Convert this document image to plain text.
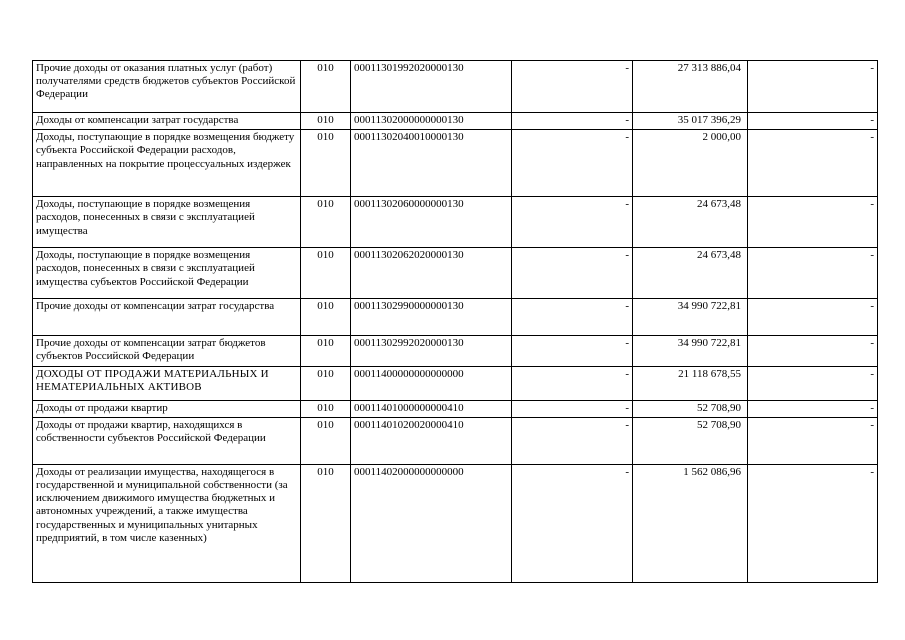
Прочие доходы от оказания платных услуг (работ) получателями средств бюджетов субъектов Российской Федерации	010	00011301992020000130	-	27 313 886,04	-
Доходы от компенсации затрат государства	010	00011302000000000130	-	35 017 396,29	-
Доходы, поступающие в порядке возмещения бюджету субъекта Российской Федерации расходов, направленных на покрытие процессуальных издержек	010	00011302040010000130	-	2 000,00	-
Доходы, поступающие в порядке возмещения расходов, понесенных в связи с эксплуатацией имущества	010	00011302060000000130	-	24 673,48	-
Доходы, поступающие в порядке возмещения расходов, понесенных в связи с эксплуатацией имущества субъектов Российской Федерации	010	00011302062020000130	-	24 673,48	-
Прочие доходы от компенсации затрат государства	010	00011302990000000130	-	34 990 722,81	-
Прочие доходы от компенсации затрат бюджетов субъектов Российской Федерации	010	00011302992020000130	-	34 990 722,81	-
ДОХОДЫ ОТ ПРОДАЖИ МАТЕРИАЛЬНЫХ И НЕМАТЕРИАЛЬНЫХ АКТИВОВ	010	00011400000000000000	-	21 118 678,55	-
Доходы от продажи квартир	010	00011401000000000410	-	52 708,90	-
Доходы от продажи квартир, находящихся в собственности субъектов Российской Федерации	010	00011401020020000410	-	52 708,90	-
Доходы от реализации имущества, находящегося в государственной и муниципальной собственности (за исключением движимого имущества бюджетных и автономных учреждений, а также имущества государственных и муниципальных унитарных предприятий, в том числе казенных)	010	00011402000000000000	-	1 562 086,96	-
